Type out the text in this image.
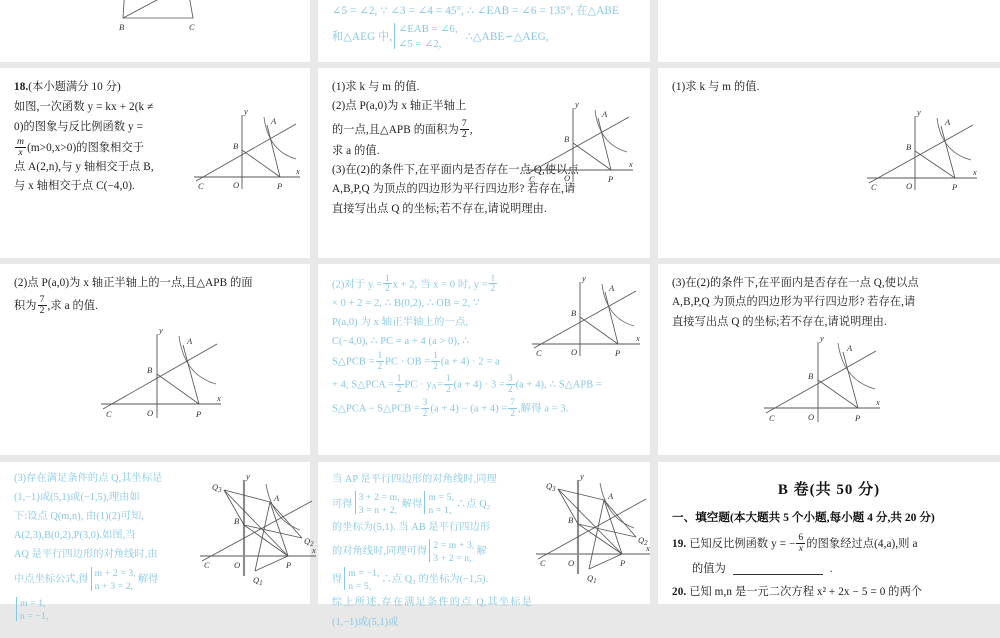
B	C
∠5 = ∠2, ∵ ∠3 = ∠4 = 45°, ∴ ∠EAB = ∠6 = 135°, 在△ABE
和△AEG 中,
∠EAB = ∠6,
∠5 = ∠2,
∴△ABE∽△AEG,
18.(本小题满分 10 分)
如图,一次函数 y = kx + 2(k ≠
0)的图象与反比例函数 y =
$\frac{m}{x} (m>0,x>0)$的图象相交于
点 A(2,n),与 y 轴相交于点 B,
与 x 轴相交于点 C(−4,0).
y
x
O
A
B
C	P
(1)求 k 与 m 的值.
(2)点 P(a,0)为 x 轴正半轴上
的一点,且△APB 的面积为 $\frac{7}{2}$ ,
求 a 的值.
(3)在(2)的条件下,在平面内是否存在一点 Q,使以点
A,B,P,Q 为顶点的四边形为平行四边形? 若存在,请
直接写出点 Q 的坐标;若不存在,请说明理由.
y
x
O
A
B
C	P
(1)求 k 与 m 的值.
y
x
O
A
B
C	P
(2)点 P(a,0)为 x 轴正半轴上的一点,且△APB 的面
积为 $\frac{7}{2}$ ,求 a 的值.
y
x
O
A
B
C	P
(2)对于 $y = \frac{1}{2}$ x + 2, 当 x = 0 时, $y = \frac{1}{2}$
× 0 + 2 = 2, ∴ B(0,2), ∴ OB = 2, ∵
P(a,0) 为 x 轴正半轴上的一点,
C(−4,0), ∴ PC = a + 4 (a > 0), ∴
S△PCB = $\frac{1}{2}$ PC · OB = $\frac{1}{2} (a + 4) \cdot 2 = a$
+ 4, S△PCA = $\frac{1}{2}$ PC · $y_A= \frac{1}{2} (a + 4) \cdot 3 = \frac{3}{2} (a + 4)$, ∴ S△APB =
S△PCA − S△PCB = $\frac{3}{2} (a + 4) - (a + 4) = \frac{7}{2}$ ,解得 a = 3.
y
x
O
A
B
C	P
(3)在(2)的条件下,在平面内是否存在一点 Q,使以点
A,B,P,Q 为顶点的四边形为平行四边形? 若存在,请
直接写出点 Q 的坐标;若不存在,请说明理由.
y
x
O
A
B
C	P
(3)存在满足条件的点 Q,其坐标是
(1,−1)或(5,1)或(−1,5),理由如
下:设点 Q(m,n), 由(1)(2)可知,
A(2,3),B(0,2),P(3,0).如图,当
AQ 是平行四边形的对角线时,由
中点坐标公式,得
m + 2 = 3,
n + 3 = 2,
解得
m = 1,
n = −1,
y
x
O
A
B
C	P
$Q_1$
$Q_2$
$Q_3$
当 AP 是平行四边形的对角线时,同理
可得
3 + 2 = m,
3 = n + 2,
解得
m = 5,
n = 1,
∴点 Q₂
的坐标为(5,1). 当 AB 是平行四边形
的对角线时,同理可得
2 = m + 3,
3 + 2 = n,
解
得
m = −1,
n = 5,
∴点 Q₃ 的坐标为(−1,5).
综上所述,存在满足条件的点 Q,其坐标是(1,−1)或(5,1)或
y
x
O
A
B
C	P
$Q_1$
$Q_2$
$Q_3$	B 卷(共 50 分)
一、填空题(本大题共 5 个小题,每小题 4 分,共 20 分)
19. 已知反比例函数 y = − $\frac{6}{x}$ 的图象经过点(4,a),则 a
的值为	.
20. 已知 m,n 是一元二次方程 x² + 2x − 5 = 0 的两个
